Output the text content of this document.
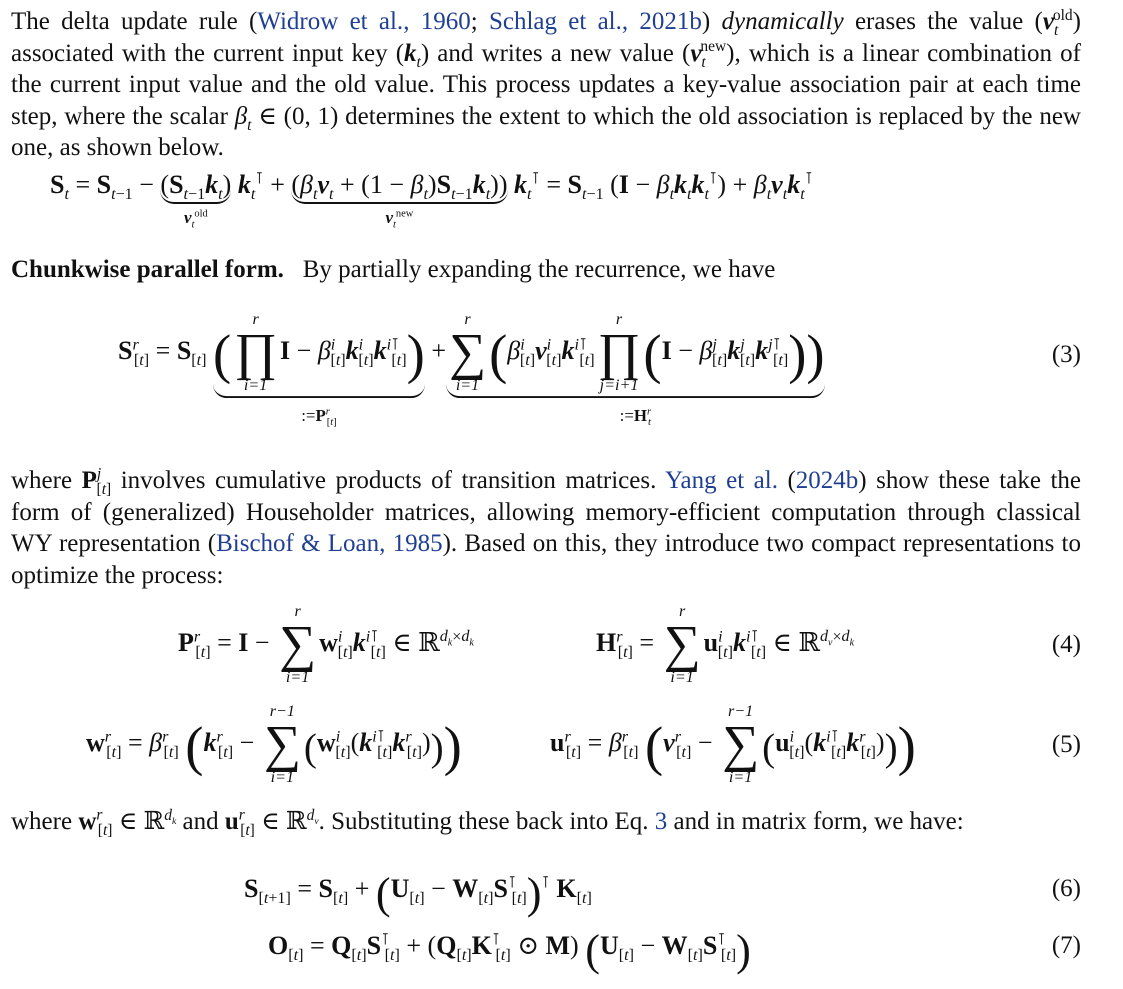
The delta update rule (Widrow et al., 1960; Schlag et al., 2021b) dynamically erases the value $(v_t^{old})$ associated with the current input key $(k_t)$ and writes a new value $(v_t^{new})$, which is a linear combination of the current input value and the old value. This process updates a key-value association pair at each time step, where the scalar $\beta_t$ ∈ (0, 1) determines the extent to which the old association is replaced by the new one, as shown below.
$S_t = S_{t-1} - (S_{t-1}k_t)$
$v_t^{old}$
$k_t^⊺ + (\beta_tv_t + (1 - \beta_t)S_{t-1}k_t)$)
$v_t^{new}$
$k_t^⊺ = S_{t-1}$ $(I - \beta_tk_tk_t^⊺) + \beta_tv_tk_t^⊺$
Chunkwise parallel form. By partially expanding the recurrence, we have
$S^r_{[t]} = S_{[t]}$ (
r
∏
i=1
$I - \beta^i_{[t]}k^i_{[t]}k^{i⊺}_{[t]}$)
$:=P^r_{[t]}$
+
r
∑
i=1
($\beta^i_{[t]}v^i_{[t]}k^{i⊺}_{[t]}$
r
∏
j=i+1
$(I - \beta^j_{[t]}k^j_{[t]}k^{j⊺}_{[t]})$)
$:=H^r_t$
(3)
where $P^j_{[t]}$ involves cumulative products of transition matrices. Yang et al. (2024b) show these take the form of (generalized) Householder matrices, allowing memory-efficient computation through classical WY representation (Bischof & Loan, 1985). Based on this, they introduce two compact representations to optimize the process:
$P^r_{[t]} = I$ −
r
∑
i=1
$w^i_{[t]}k^{i⊺}_{[t]}$ ∈ ℝ$^{d_k\times d_k}$	$H^r_{[t]}$ =
r
∑
i=1
$u^i_{[t]}k^{i⊺}_{[t]}$ ∈ ℝ$^{d_v\times d_k}$	(4)
$w^r_{[t]} = \beta^r_{[t]}$ ($k^r_{[t]}$ −
r−1
∑
i=1
$(w^i_{[t]}(k^{i⊺}_{[t]}k^r_{[t]}))$)	$u^r_{[t]} = \beta^r_{[t]}$ ($v^r_{[t]}$ −
r−1
∑
i=1
$(u^i_{[t]}(k^{i⊺}_{[t]}k^r_{[t]}))$)	(5)
where $w^r_{[t]}$ ∈ ℝ$^{d_k}$ and $u^r_{[t]}$ ∈ ℝ$^{d_v}$. Substituting these back into Eq. 3 and in matrix form, we have:
$S_{[t+1]} = S_{[t]} + (U_{[t]} - W_{[t]}S^⊺_{[t]})^⊺$ $K_{[t]}$	(6)
$O_{[t]} = Q_{[t]}S^⊺_{[t]} + (Q_{[t]}K^⊺_{[t]}$ ⊙ M) $(U_{[t]} - W_{[t]}S^⊺_{[t]})$	(7)
